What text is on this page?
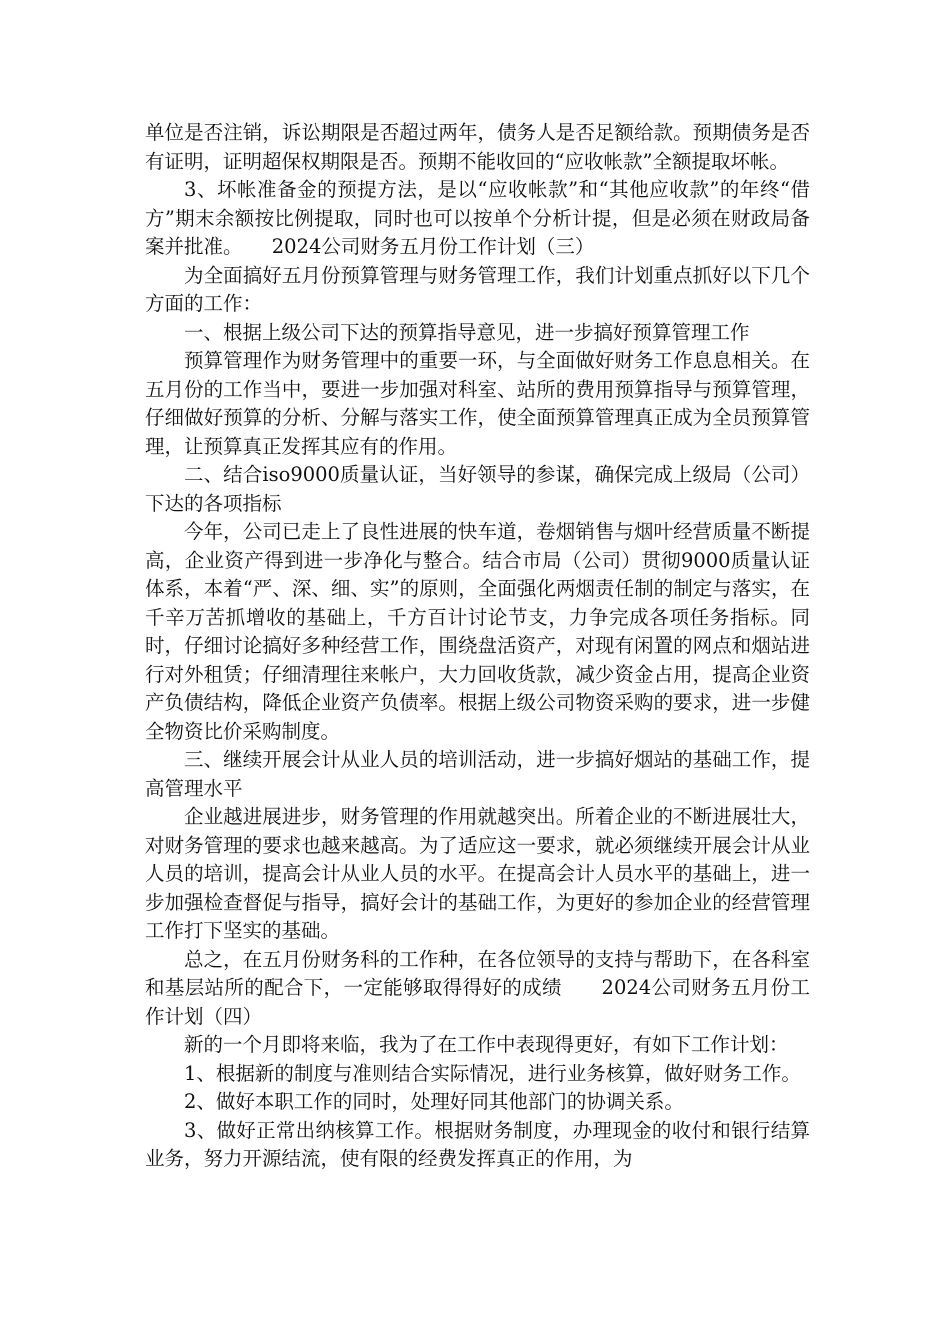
单位是否注销，诉讼期限是否超过两年，债务人是否足额给款。预期债务是否有证明，证明超保权期限是否。预期不能收回的“应收帐款”全额提取坏帐。

3、坏帐准备金的预提方法，是以“应收帐款”和“其他应收款”的年终“借方”期末余额按比例提取，同时也可以按单个分析计提，但是必须在财政局备案并批准。　　2024公司财务五月份工作计划（三）

为全面搞好五月份预算管理与财务管理工作，我们计划重点抓好以下几个方面的工作：

一、根据上级公司下达的预算指导意见，进一步搞好预算管理工作

预算管理作为财务管理中的重要一环，与全面做好财务工作息息相关。在五月份的工作当中，要进一步加强对科室、站所的费用预算指导与预算管理，仔细做好预算的分析、分解与落实工作，使全面预算管理真正成为全员预算管理，让预算真正发挥其应有的作用。

二、结合iso9000质量认证，当好领导的参谋，确保完成上级局（公司）下达的各项指标

今年，公司已走上了良性进展的快车道，卷烟销售与烟叶经营质量不断提高，企业资产得到进一步净化与整合。结合市局（公司）贯彻9000质量认证体系，本着“严、深、细、实”的原则，全面强化两烟责任制的制定与落实，在千辛万苦抓增收的基础上，千方百计讨论节支，力争完成各项任务指标。同时，仔细讨论搞好多种经营工作，围绕盘活资产，对现有闲置的网点和烟站进行对外租赁；仔细清理往来帐户，大力回收货款，减少资金占用，提高企业资产负债结构，降低企业资产负债率。根据上级公司物资采购的要求，进一步健全物资比价采购制度。

三、继续开展会计从业人员的培训活动，进一步搞好烟站的基础工作，提高管理水平

企业越进展进步，财务管理的作用就越突出。所着企业的不断进展壮大，对财务管理的要求也越来越高。为了适应这一要求，就必须继续开展会计从业人员的培训，提高会计从业人员的水平。在提高会计人员水平的基础上，进一步加强检查督促与指导，搞好会计的基础工作，为更好的参加企业的经营管理工作打下坚实的基础。

总之，在五月份财务科的工作种，在各位领导的支持与帮助下，在各科室和基层站所的配合下，一定能够取得得好的成绩　　2024公司财务五月份工作计划（四）

新的一个月即将来临，我为了在工作中表现得更好，有如下工作计划：

1、根据新的制度与准则结合实际情况，进行业务核算，做好财务工作。

2、做好本职工作的同时，处理好同其他部门的协调关系。

3、做好正常出纳核算工作。根据财务制度，办理现金的收付和银行结算业务，努力开源结流，使有限的经费发挥真正的作用，为
